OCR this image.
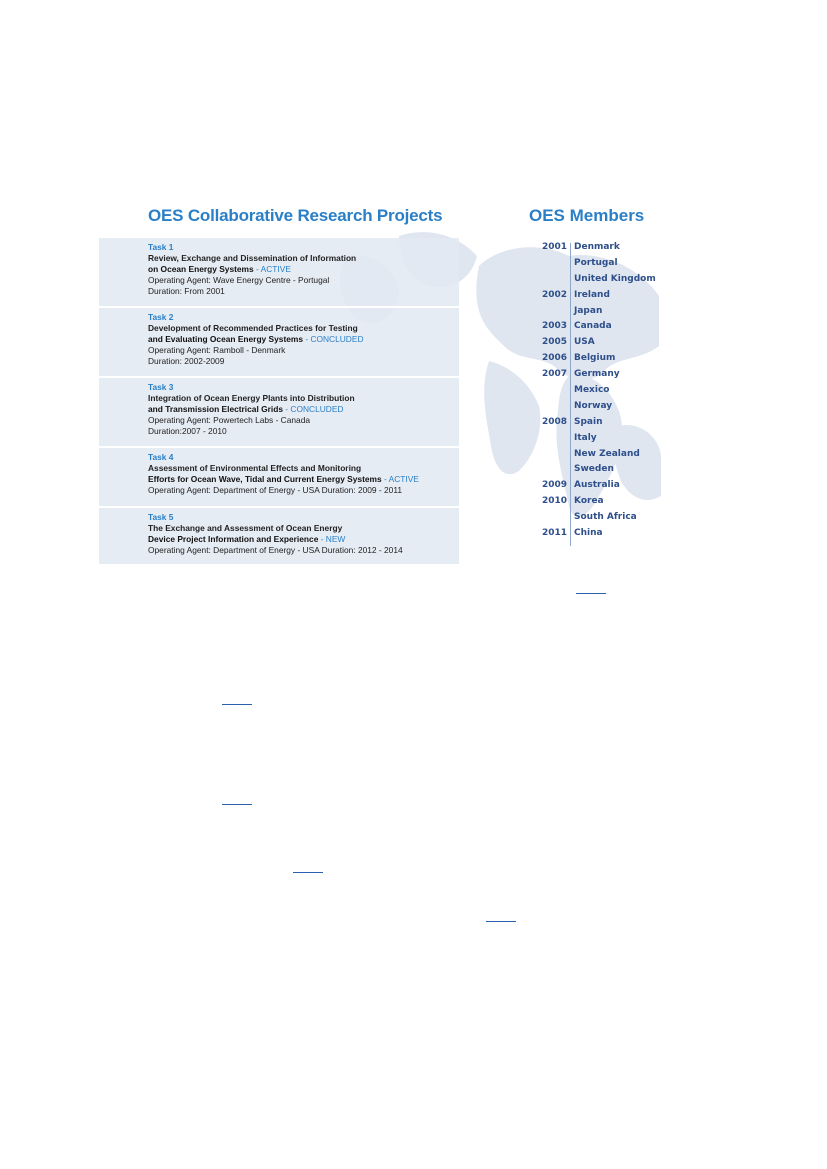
OES Collaborative Research Projects	OES Members
Task 1
Review, Exchange and Dissemination of Information
on Ocean Energy Systems - ACTIVE
Operating Agent: Wave Energy Centre - Portugal
Duration: From 2001
Task 2
Development of Recommended Practices for Testing
and Evaluating Ocean Energy Systems - CONCLUDED
Operating Agent: Ramboll - Denmark
Duration: 2002-2009
Task 3
Integration of Ocean Energy Plants into Distribution
and Transmission Electrical Grids - CONCLUDED
Operating Agent: Powertech Labs - Canada
Duration:2007 - 2010
Task 4
Assessment of Environmental Effects and Monitoring
Efforts for Ocean Wave, Tidal and Current Energy Systems - ACTIVE
Operating Agent: Department of Energy - USA Duration: 2009 - 2011
Task 5
The Exchange and Assessment of Ocean Energy
Device Project Information and Experience - NEW
Operating Agent: Department of Energy - USA Duration: 2012 - 2014
2001 Denmark
Portugal
United Kingdom
2002 Ireland
Japan
2003 Canada
2005 USA
2006 Belgium
2007 Germany
Mexico
Norway
2008 Spain
Italy
New Zealand
Sweden
2009 Australia
2010 Korea
South Africa
2011 China
